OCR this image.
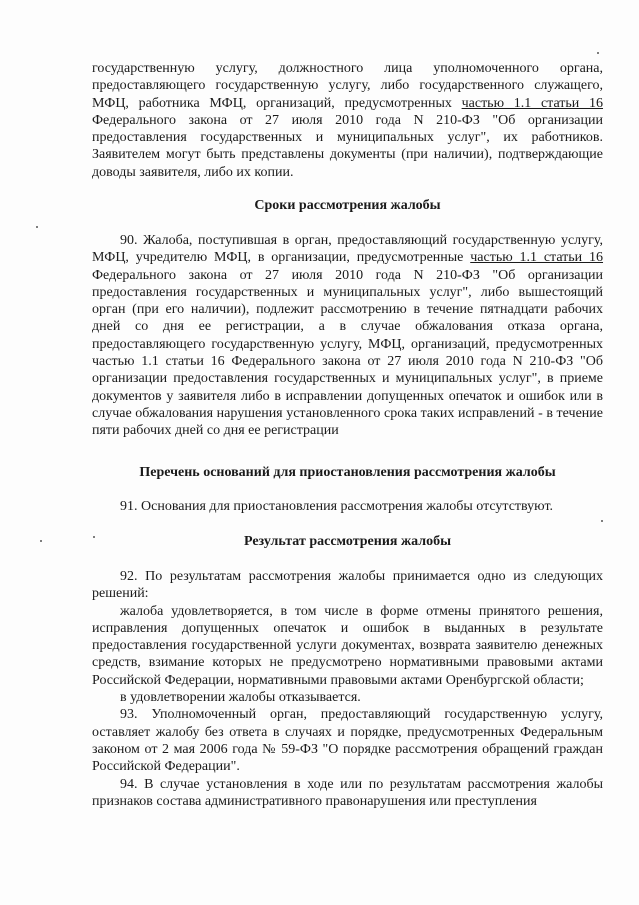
государственную услугу, должностного лица уполномоченного органа, предоставляющего государственную услугу, либо государственного служащего, МФЦ, работника МФЦ, организаций, предусмотренных частью 1.1 статьи 16 Федерального закона от 27 июля 2010 года N 210-ФЗ "Об организации предоставления государственных и муниципальных услуг", их работников. Заявителем могут быть представлены документы (при наличии), подтверждающие доводы заявителя, либо их копии.

Сроки рассмотрения жалобы

90. Жалоба, поступившая в орган, предоставляющий государственную услугу, МФЦ, учредителю МФЦ, в организации, предусмотренные частью 1.1 статьи 16 Федерального закона от 27 июля 2010 года N 210-ФЗ "Об организации предоставления государственных и муниципальных услуг", либо вышестоящий орган (при его наличии), подлежит рассмотрению в течение пятнадцати рабочих дней со дня ее регистрации, а в случае обжалования отказа органа, предоставляющего государственную услугу, МФЦ, организаций, предусмотренных частью 1.1 статьи 16 Федерального закона от 27 июля 2010 года N 210-ФЗ "Об организации предоставления государственных и муниципальных услуг", в приеме документов у заявителя либо в исправлении допущенных опечаток и ошибок или в случае обжалования нарушения установленного срока таких исправлений - в течение пяти рабочих дней со дня ее регистрации

Перечень оснований для приостановления рассмотрения жалобы

91. Основания для приостановления рассмотрения жалобы отсутствуют.

Результат рассмотрения жалобы

92. По результатам рассмотрения жалобы принимается одно из следующих решений:

жалоба удовлетворяется, в том числе в форме отмены принятого решения, исправления допущенных опечаток и ошибок в выданных в результате предоставления государственной услуги документах, возврата заявителю денежных средств, взимание которых не предусмотрено нормативными правовыми актами Российской Федерации, нормативными правовыми актами Оренбургской области;

в удовлетворении жалобы отказывается.

93. Уполномоченный орган, предоставляющий государственную услугу, оставляет жалобу без ответа в случаях и порядке, предусмотренных Федеральным законом от 2 мая 2006 года № 59-ФЗ "О порядке рассмотрения обращений граждан Российской Федерации".

94. В случае установления в ходе или по результатам рассмотрения жалобы признаков состава административного правонарушения или преступления
